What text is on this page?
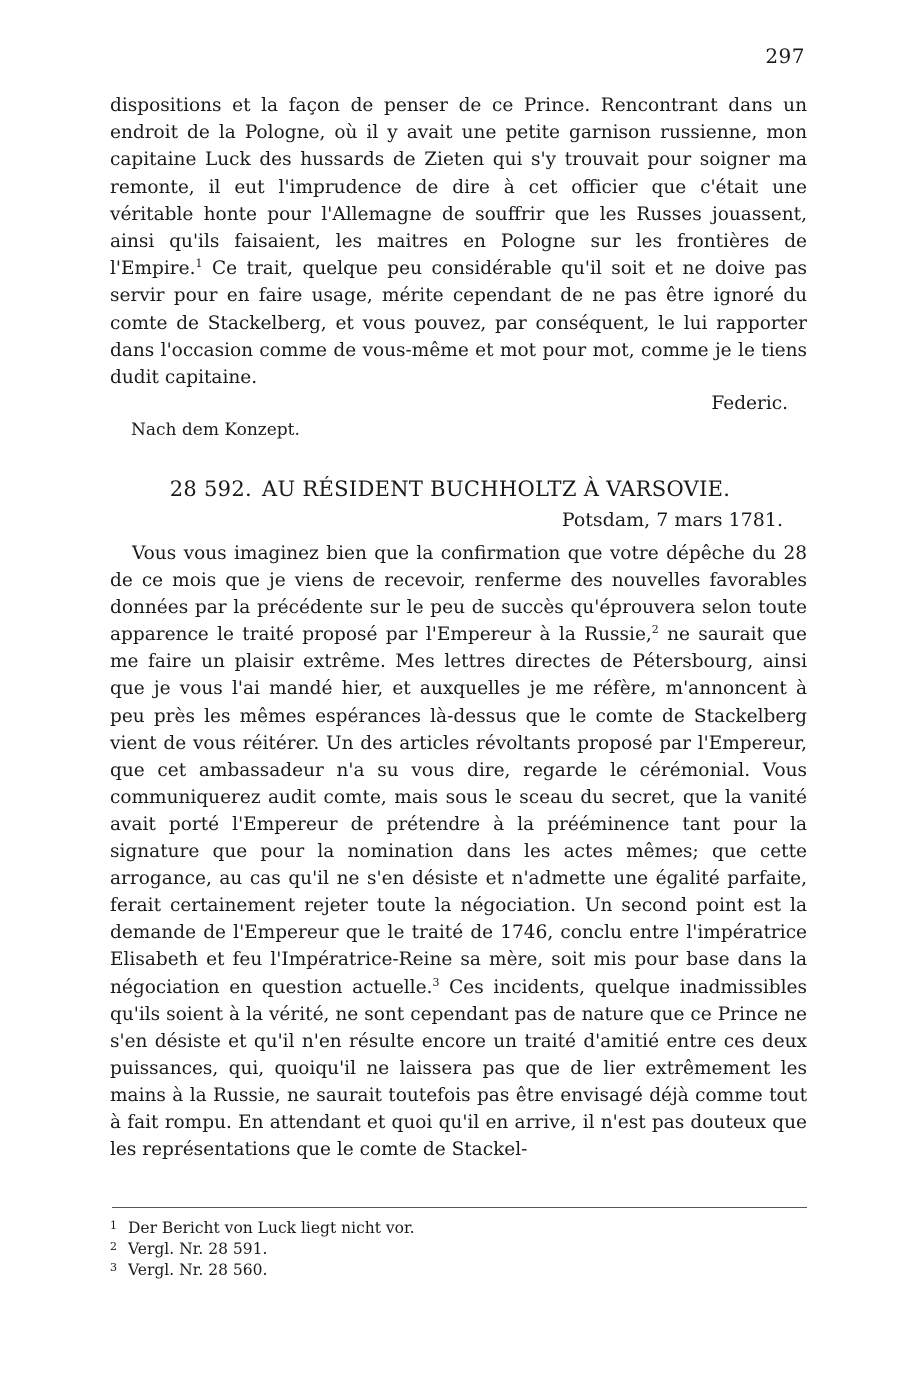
297

dispositions et la façon de penser de ce Prince. Rencontrant dans un endroit de la Pologne, où il y avait une petite garnison russienne, mon capitaine Luck des hussards de Zieten qui s'y trouvait pour soigner ma remonte, il eut l'imprudence de dire à cet officier que c'était une véritable honte pour l'Allemagne de souffrir que les Russes jouassent, ainsi qu'ils faisaient, les maitres en Pologne sur les frontières de l'Empire.$^1$ Ce trait, quelque peu considérable qu'il soit et ne doive pas servir pour en faire usage, mérite cependant de ne pas être ignoré du comte de Stackelberg, et vous pouvez, par conséquent, le lui rapporter dans l'occasion comme de vous-même et mot pour mot, comme je le tiens dudit capitaine.

Federic.
Nach dem Konzept.
28 592. AU RÉSIDENT BUCHHOLTZ À VARSOVIE.
Potsdam, 7 mars 1781.

Vous vous imaginez bien que la confirmation que votre dépêche du 28 de ce mois que je viens de recevoir, renferme des nouvelles favorables données par la précédente sur le peu de succès qu'éprouvera selon toute apparence le traité proposé par l'Empereur à la Russie,$^2$ ne saurait que me faire un plaisir extrême. Mes lettres directes de Pétersbourg, ainsi que je vous l'ai mandé hier, et auxquelles je me réfère, m'annoncent à peu près les mêmes espérances là-dessus que le comte de Stackelberg vient de vous réitérer. Un des articles révoltants proposé par l'Empereur, que cet ambassadeur n'a su vous dire, regarde le cérémonial. Vous communiquerez audit comte, mais sous le sceau du secret, que la vanité avait porté l'Empereur de prétendre à la prééminence tant pour la signature que pour la nomination dans les actes mêmes; que cette arrogance, au cas qu'il ne s'en désiste et n'admette une égalité parfaite, ferait certainement rejeter toute la négociation. Un second point est la demande de l'Empereur que le traité de 1746, conclu entre l'impératrice Elisabeth et feu l'Impératrice-Reine sa mère, soit mis pour base dans la négociation en question actuelle.$^3$ Ces incidents, quelque inadmissibles qu'ils soient à la vérité, ne sont cependant pas de nature que ce Prince ne s'en désiste et qu'il n'en résulte encore un traité d'amitié entre ces deux puissances, qui, quoiqu'il ne laissera pas que de lier extrêmement les mains à la Russie, ne saurait toutefois pas être envisagé déjà comme tout à fait rompu. En attendant et quoi qu'il en arrive, il n'est pas douteux que les représentations que le comte de Stackel-

1 Der Bericht von Luck liegt nicht vor.
2 Vergl. Nr. 28 591.
3 Vergl. Nr. 28 560.
